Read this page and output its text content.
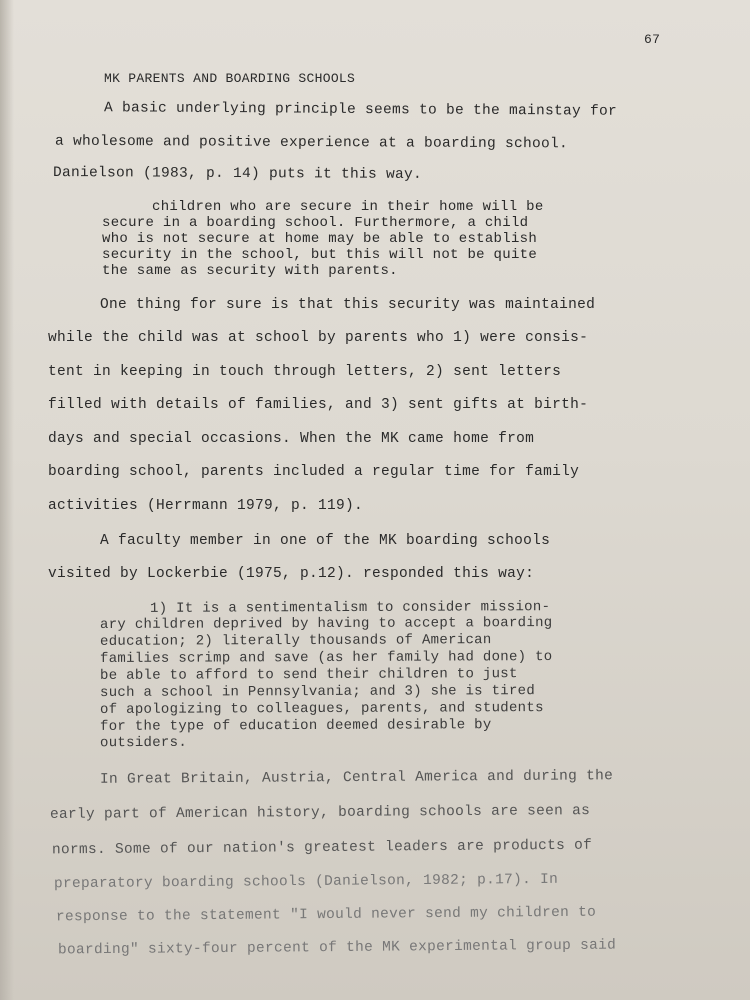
67
MK PARENTS AND BOARDING SCHOOLS
A basic underlying principle seems to be the mainstay for
a wholesome and positive experience at a boarding school.
Danielson (1983, p. 14) puts it this way.
children who are secure in their home will be
secure in a boarding school. Furthermore, a child
who is not secure at home may be able to establish
security in the school, but this will not be quite
the same as security with parents.
One thing for sure is that this security was maintained
while the child was at school by parents who 1) were consis-
tent in keeping in touch through letters, 2) sent letters
filled with details of families, and 3) sent gifts at birth-
days and special occasions. When the MK came home from
boarding school, parents included a regular time for family
activities (Herrmann 1979, p. 119).
A faculty member in one of the MK boarding schools
visited by Lockerbie (1975, p.12). responded this way:
1) It is a sentimentalism to consider mission-
ary children deprived by having to accept a boarding
education; 2) literally thousands of American
families scrimp and save (as her family had done) to
be able to afford to send their children to just
such a school in Pennsylvania; and 3) she is tired
of apologizing to colleagues, parents, and students
for the type of education deemed desirable by
outsiders.
In Great Britain, Austria, Central America and during the
early part of American history, boarding schools are seen as
norms. Some of our nation's greatest leaders are products of
preparatory boarding schools (Danielson, 1982; p.17). In
response to the statement "I would never send my children to
boarding" sixty-four percent of the MK experimental group said
